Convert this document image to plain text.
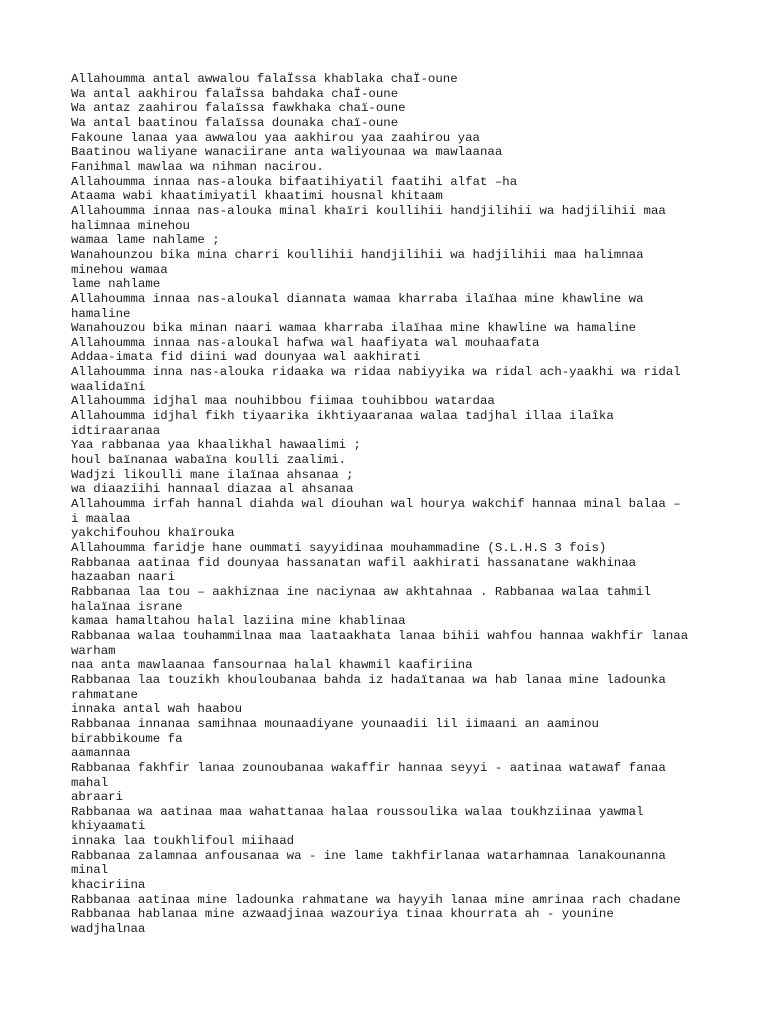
Allahoumma antal awwalou falaÏssa khablaka chaÏ-oune
Wa antal aakhirou falaÏssa bahdaka chaÏ-oune
Wa antaz zaahirou falaïssa fawkhaka chaï-oune
Wa antal baatinou falaïssa dounaka chaï-oune
Fakoune lanaa yaa awwalou yaa aakhirou yaa zaahirou yaa
Baatinou waliyane wanaciirane anta waliyounaa wa mawlaanaa
Fanihmal mawlaa wa nihman nacirou.
Allahoumma innaa nas-alouka bifaatihiyatil faatihi alfat –ha
Ataama wabi khaatimiyatil khaatimi housnal khitaam
Allahoumma innaa nas-alouka minal khaïri koullihii handjilihii wa hadjilihii maa
halimnaa minehou
wamaa lame nahlame ;
Wanahounzou bika mina charri koullihii handjilihii wa hadjilihii maa halimnaa
minehou wamaa
lame nahlame
Allahoumma innaa nas-aloukal diannata wamaa kharraba ilaïhaa mine khawline wa
hamaline
Wanahouzou bika minan naari wamaa kharraba ilaïhaa mine khawline wa hamaline
Allahoumma innaa nas-aloukal hafwa wal haafiyata wal mouhaafata
Addaa-imata fid diini wad dounyaa wal aakhirati
Allahoumma inna nas-alouka ridaaka wa ridaa nabiyyika wa ridal ach-yaakhi wa ridal
waalidaïni
Allahoumma idjhal maa nouhibbou fiimaa touhibbou watardaa
Allahoumma idjhal fikh tiyaarika ikhtiyaaranaa walaa tadjhal illaa ilaîka
idtiraaranaa
Yaa rabbanaa yaa khaalikhal hawaalimi ;
houl baïnanaa wabaïna koulli zaalimi.
Wadjzi likoulli mane ilaïnaa ahsanaa ;
wa diaaziihi hannaal diazaa al ahsanaa
Allahoumma irfah hannal diahda wal diouhan wal hourya wakchif hannaa minal balaa –
i maalaa
yakchifouhou khaïrouka
Allahoumma faridje hane oummati sayyidinaa mouhammadine (S.L.H.S 3 fois)
Rabbanaa aatinaa fid dounyaa hassanatan wafil aakhirati hassanatane wakhinaa
hazaaban naari
Rabbanaa laa tou – aakhiznaa ine naciynaa aw akhtahnaa . Rabbanaa walaa tahmil
halaïnaa israne
kamaa hamaltahou halal laziina mine khablinaa
Rabbanaa walaa touhammilnaa maa laataakhata lanaa bihii wahfou hannaa wakhfir lanaa
warham
naa anta mawlaanaa fansournaa halal khawmil kaafiriina
Rabbanaa laa touzikh khouloubanaa bahda iz hadaïtanaa wa hab lanaa mine ladounka
rahmatane
innaka antal wah haabou
Rabbanaa innanaa samihnaa mounaadiyane younaadii lil iimaani an aaminou
birabbikoume fa
aamannaa
Rabbanaa fakhfir lanaa zounoubanaa wakaffir hannaa seyyi - aatinaa watawaf fanaa
mahal
abraari
Rabbanaa wa aatinaa maa wahattanaa halaa roussoulika walaa toukhziinaa yawmal
khiyaamati
innaka laa toukhlifoul miihaad
Rabbanaa zalamnaa anfousanaa wa - ine lame takhfirlanaa watarhamnaa lanakounanna
minal
khaciriina
Rabbanaa aatinaa mine ladounka rahmatane wa hayyih lanaa mine amrinaa rach chadane
Rabbanaa hablanaa mine azwaadjinaa wazouriya tinaa khourrata ah - younine
wadjhalnaa
